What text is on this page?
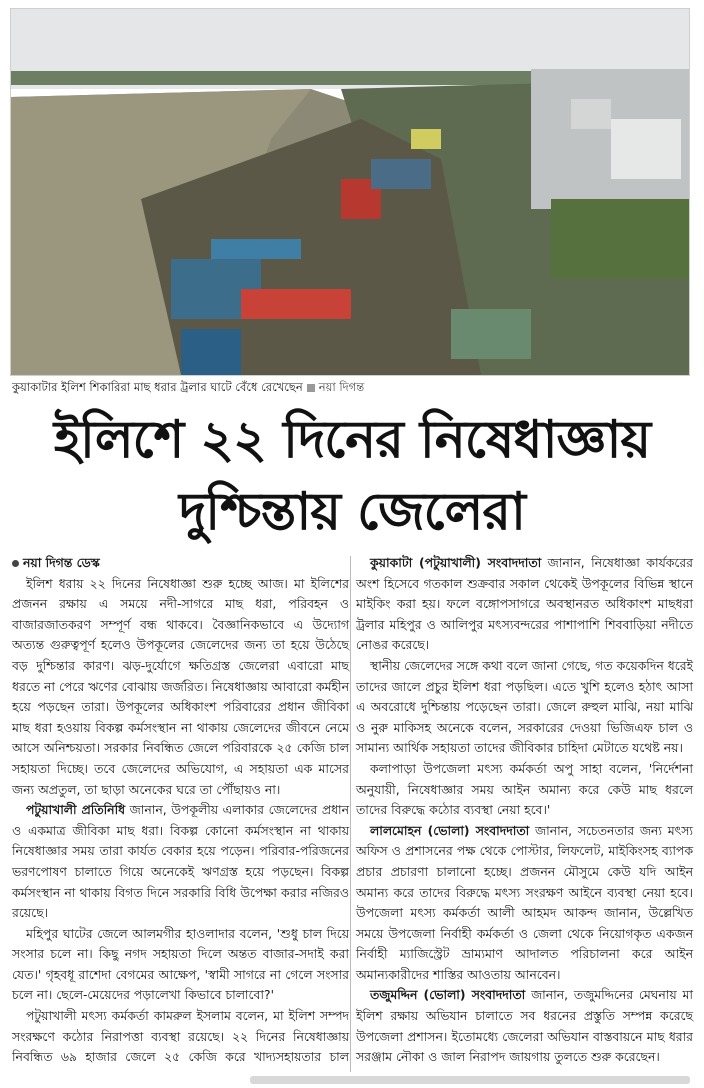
কুয়াকাটার ইলিশ শিকারিরা মাছ ধরার ট্রলার ঘাটে বেঁধে রেখেছেন নয়া দিগন্ত
ইলিশে ২২ দিনের নিষেধাজ্ঞায়
দুশ্চিন্তায় জেলেরা

নয়া দিগন্ত ডেস্ক

ইলিশ ধরায় ২২ দিনের নিষেধাজ্ঞা শুরু হচ্ছে আজ। মা ইলিশের প্রজনন রক্ষায় এ সময়ে নদী-সাগরে মাছ ধরা, পরিবহন ও বাজারজাতকরণ সম্পূর্ণ বন্ধ থাকবে। বৈজ্ঞানিকভাবে এ উদ্যোগ অত্যন্ত গুরুত্বপূর্ণ হলেও উপকূলের জেলেদের জন্য তা হয়ে উঠেছে বড় দুশ্চিন্তার কারণ। ঝড়-দুর্যোগে ক্ষতিগ্রস্ত জেলেরা এবারো মাছ ধরতে না পেরে ঋণের বোঝায় জর্জরিত। নিষেধাজ্ঞায় আবারো কর্মহীন হয়ে পড়ছেন তারা। উপকূলের অধিকাংশ পরিবারের প্রধান জীবিকা মাছ ধরা হওয়ায় বিকল্প কর্মসংস্থান না থাকায় জেলেদের জীবনে নেমে আসে অনিশ্চয়তা। সরকার নিবন্ধিত জেলে পরিবারকে ২৫ কেজি চাল সহায়তা দিচ্ছে। তবে জেলেদের অভিযোগ, এ সহায়তা এক মাসের জন্য অপ্রতুল, তা ছাড়া অনেকের ঘরে তা পৌঁছায়ও না।

পটুয়াখালী প্রতিনিধি জানান, উপকূলীয় এলাকার জেলেদের প্রধান ও একমাত্র জীবিকা মাছ ধরা। বিকল্প কোনো কর্মসংস্থান না থাকায় নিষেধাজ্ঞার সময় তারা কার্যত বেকার হয়ে পড়েন। পরিবার-পরিজনের ভরণপোষণ চালাতে গিয়ে অনেকেই ঋণগ্রস্ত হয়ে পড়ছেন। বিকল্প কর্মসংস্থান না থাকায় বিগত দিনে সরকারি বিধি উপেক্ষা করার নজিরও রয়েছে।

মহিপুর ঘাটের জেলে আলমগীর হাওলাদার বলেন, 'শুধু চাল দিয়ে সংসার চলে না। কিছু নগদ সহায়তা দিলে অন্তত বাজার-সদাই করা যেত।' গৃহবধূ রাশেদা বেগমের আক্ষেপ, 'স্বামী সাগরে না গেলে সংসার চলে না। ছেলে-মেয়েদের পড়ালেখা কিভাবে চালাবো?'

পটুয়াখালী মৎস্য কর্মকর্তা কামরুল ইসলাম বলেন, মা ইলিশ সম্পদ সংরক্ষণে কঠোর নিরাপত্তা ব্যবস্থা রয়েছে। ২২ দিনের নিষেধাজ্ঞায় নিবন্ধিত ৬৯ হাজার জেলে ২৫ কেজি করে খাদ্যসহায়তার চাল

কুয়াকাটা (পটুয়াখালী) সংবাদদাতা জানান, নিষেধাজ্ঞা কার্যকরের অংশ হিসেবে গতকাল শুক্রবার সকাল থেকেই উপকূলের বিভিন্ন স্থানে মাইকিং করা হয়। ফলে বঙ্গোপসাগরে অবস্থানরত অধিকাংশ মাছধরা ট্রলার মহিপুর ও আলিপুর মৎস্যবন্দরের পাশাপাশি শিববাড়িয়া নদীতে নোঙর করেছে।

স্থানীয় জেলেদের সঙ্গে কথা বলে জানা গেছে, গত কয়েকদিন ধরেই তাদের জালে প্রচুর ইলিশ ধরা পড়ছিল। এতে খুশি হলেও হঠাৎ আসা এ অবরোধে দুশ্চিন্তায় পড়েছেন তারা। জেলে রুহুল মাঝি, নয়া মাঝি ও নুরু মাকিসহ অনেকে বলেন, সরকারের দেওয়া ভিজিএফ চাল ও সামান্য আর্থিক সহায়তা তাদের জীবিকার চাহিদা মেটাতে যথেষ্ট নয়।

কলাপাড়া উপজেলা মৎস্য কর্মকর্তা অপু সাহা বলেন, 'নির্দেশনা অনুযায়ী, নিষেধাজ্ঞার সময় আইন অমান্য করে কেউ মাছ ধরলে তাদের বিরুদ্ধে কঠোর ব্যবস্থা নেয়া হবে।'

লালমোহন (ভোলা) সংবাদদাতা জানান, সচেতনতার জন্য মৎস্য অফিস ও প্রশাসনের পক্ষ থেকে পোস্টার, লিফলেট, মাইকিংসহ ব্যাপক প্রচার প্রচারণা চালানো হচ্ছে। প্রজনন মৌসুমে কেউ যদি আইন অমান্য করে তাদের বিরুদ্ধে মৎস্য সংরক্ষণ আইনে ব্যবস্থা নেয়া হবে। উপজেলা মৎস্য কর্মকর্তা আলী আহমদ আকন্দ জানান, উল্লেখিত সময়ে উপজেলা নির্বাহী কর্মকর্তা ও জেলা থেকে নিয়োগকৃত একজন নির্বাহী ম্যাজিস্ট্রেট ভ্রাম্যমাণ আদালত পরিচালনা করে আইন অমান্যকারীদের শাস্তির আওতায় আনবেন।

তজুমদ্দিন (ভোলা) সংবাদদাতা জানান, তজুমদ্দিনের মেঘনায় মা ইলিশ রক্ষায় অভিযান চালাতে সব ধরনের প্রস্তুতি সম্পন্ন করেছে উপজেলা প্রশাসন। ইতোমধ্যে জেলেরা অভিযান বাস্তবায়নে মাছ ধরার সরঞ্জাম নৌকা ও জাল নিরাপদ জায়গায় তুলতে শুরু করেছেন।
